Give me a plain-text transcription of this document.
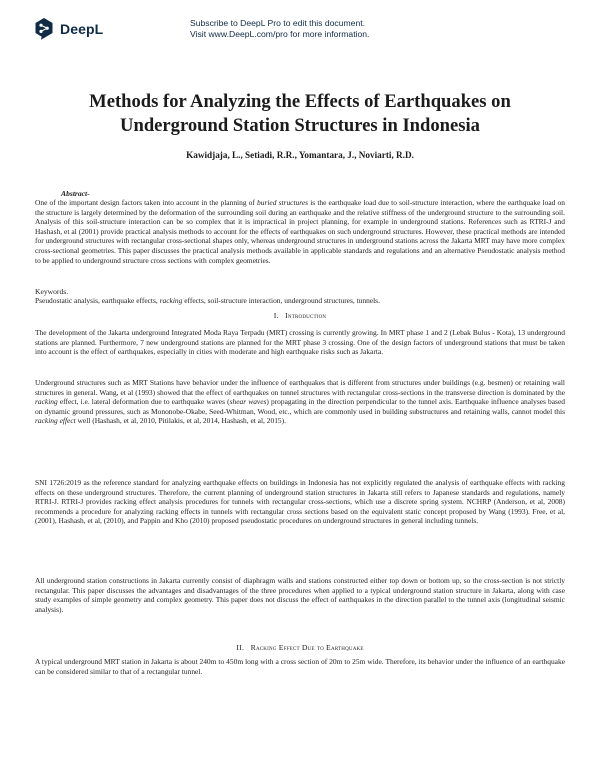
DeepL	Subscribe to DeepL Pro to edit this document.
Visit www.DeepL.com/pro for more information.
Methods for Analyzing the Effects of Earthquakes on Underground Station Structures in Indonesia
Kawidjaja, L., Setiadi, R.R., Yomantara, J., Noviarti, R.D.
Abstract-
One of the important design factors taken into account in the planning of buried structures is the earthquake load due to soil-structure interaction, where the earthquake load on the structure is largely determined by the deformation of the surrounding soil during an earthquake and the relative stiffness of the underground structure to the surrounding soil. Analysis of this soil-structure interaction can be so complex that it is impractical in project planning, for example in underground stations. References such as RTRI-J and Hashash, et al (2001) provide practical analysis methods to account for the effects of earthquakes on such underground structures. However, these practical methods are intended for underground structures with rectangular cross-sectional shapes only, whereas underground structures in underground stations across the Jakarta MRT may have more complex cross-sectional geometries. This paper discusses the practical analysis methods available in applicable standards and regulations and an alternative Pseudostatic analysis method to be applied to underground structure cross sections with complex geometries.
Keywords.
Pseudostatic analysis, earthquake effects, racking effects, soil-structure interaction, underground structures, tunnels.
I. Introduction
The development of the Jakarta underground Integrated Moda Raya Terpadu (MRT) crossing is currently growing. In MRT phase 1 and 2 (Lebak Bulus - Kota), 13 underground stations are planned. Furthermore, 7 new underground stations are planned for the MRT phase 3 crossing. One of the design factors of underground stations that must be taken into account is the effect of earthquakes, especially in cities with moderate and high earthquake risks such as Jakarta.
Underground structures such as MRT Stations have behavior under the influence of earthquakes that is different from structures under buildings (e.g. besmen) or retaining wall structures in general. Wang, et al (1993) showed that the effect of earthquakes on tunnel structures with rectangular cross-sections in the transverse direction is dominated by the racking effect, i.e. lateral deformation due to earthquake waves (shear waves) propagating in the direction perpendicular to the tunnel axis. Earthquake influence analyses based on dynamic ground pressures, such as Mononobe-Okabe, Seed-Whitman, Wood, etc., which are commonly used in building substructures and retaining walls, cannot model this racking effect well (Hashash, et al, 2010, Pitilakis, et al, 2014, Hashash, et al, 2015).
SNI 1726:2019 as the reference standard for analyzing earthquake effects on buildings in Indonesia has not explicitly regulated the analysis of earthquake effects with racking effects on these underground structures. Therefore, the current planning of underground station structures in Jakarta still refers to Japanese standards and regulations, namely RTRI-J. RTRI-J provides racking effect analysis procedures for tunnels with rectangular cross-sections, which use a discrete spring system. NCHRP (Anderson, et al, 2008) recommends a procedure for analyzing racking effects in tunnels with rectangular cross sections based on the equivalent static concept proposed by Wang (1993). Free, et al, (2001), Hashash, et al, (2010), and Pappin and Kho (2010) proposed pseudostatic procedures on underground structures in general including tunnels.
All underground station constructions in Jakarta currently consist of diaphragm walls and stations constructed either top down or bottom up, so the cross-section is not strictly rectangular. This paper discusses the advantages and disadvantages of the three procedures when applied to a typical underground station structure in Jakarta, along with case study examples of simple geometry and complex geometry. This paper does not discuss the effect of earthquakes in the direction parallel to the tunnel axis (longitudinal seismic analysis).
II. Racking Effect Due to Earthquake
A typical underground MRT station in Jakarta is about 240m to 450m long with a cross section of 20m to 25m wide. Therefore, its behavior under the influence of an earthquake can be considered similar to that of a rectangular tunnel.
